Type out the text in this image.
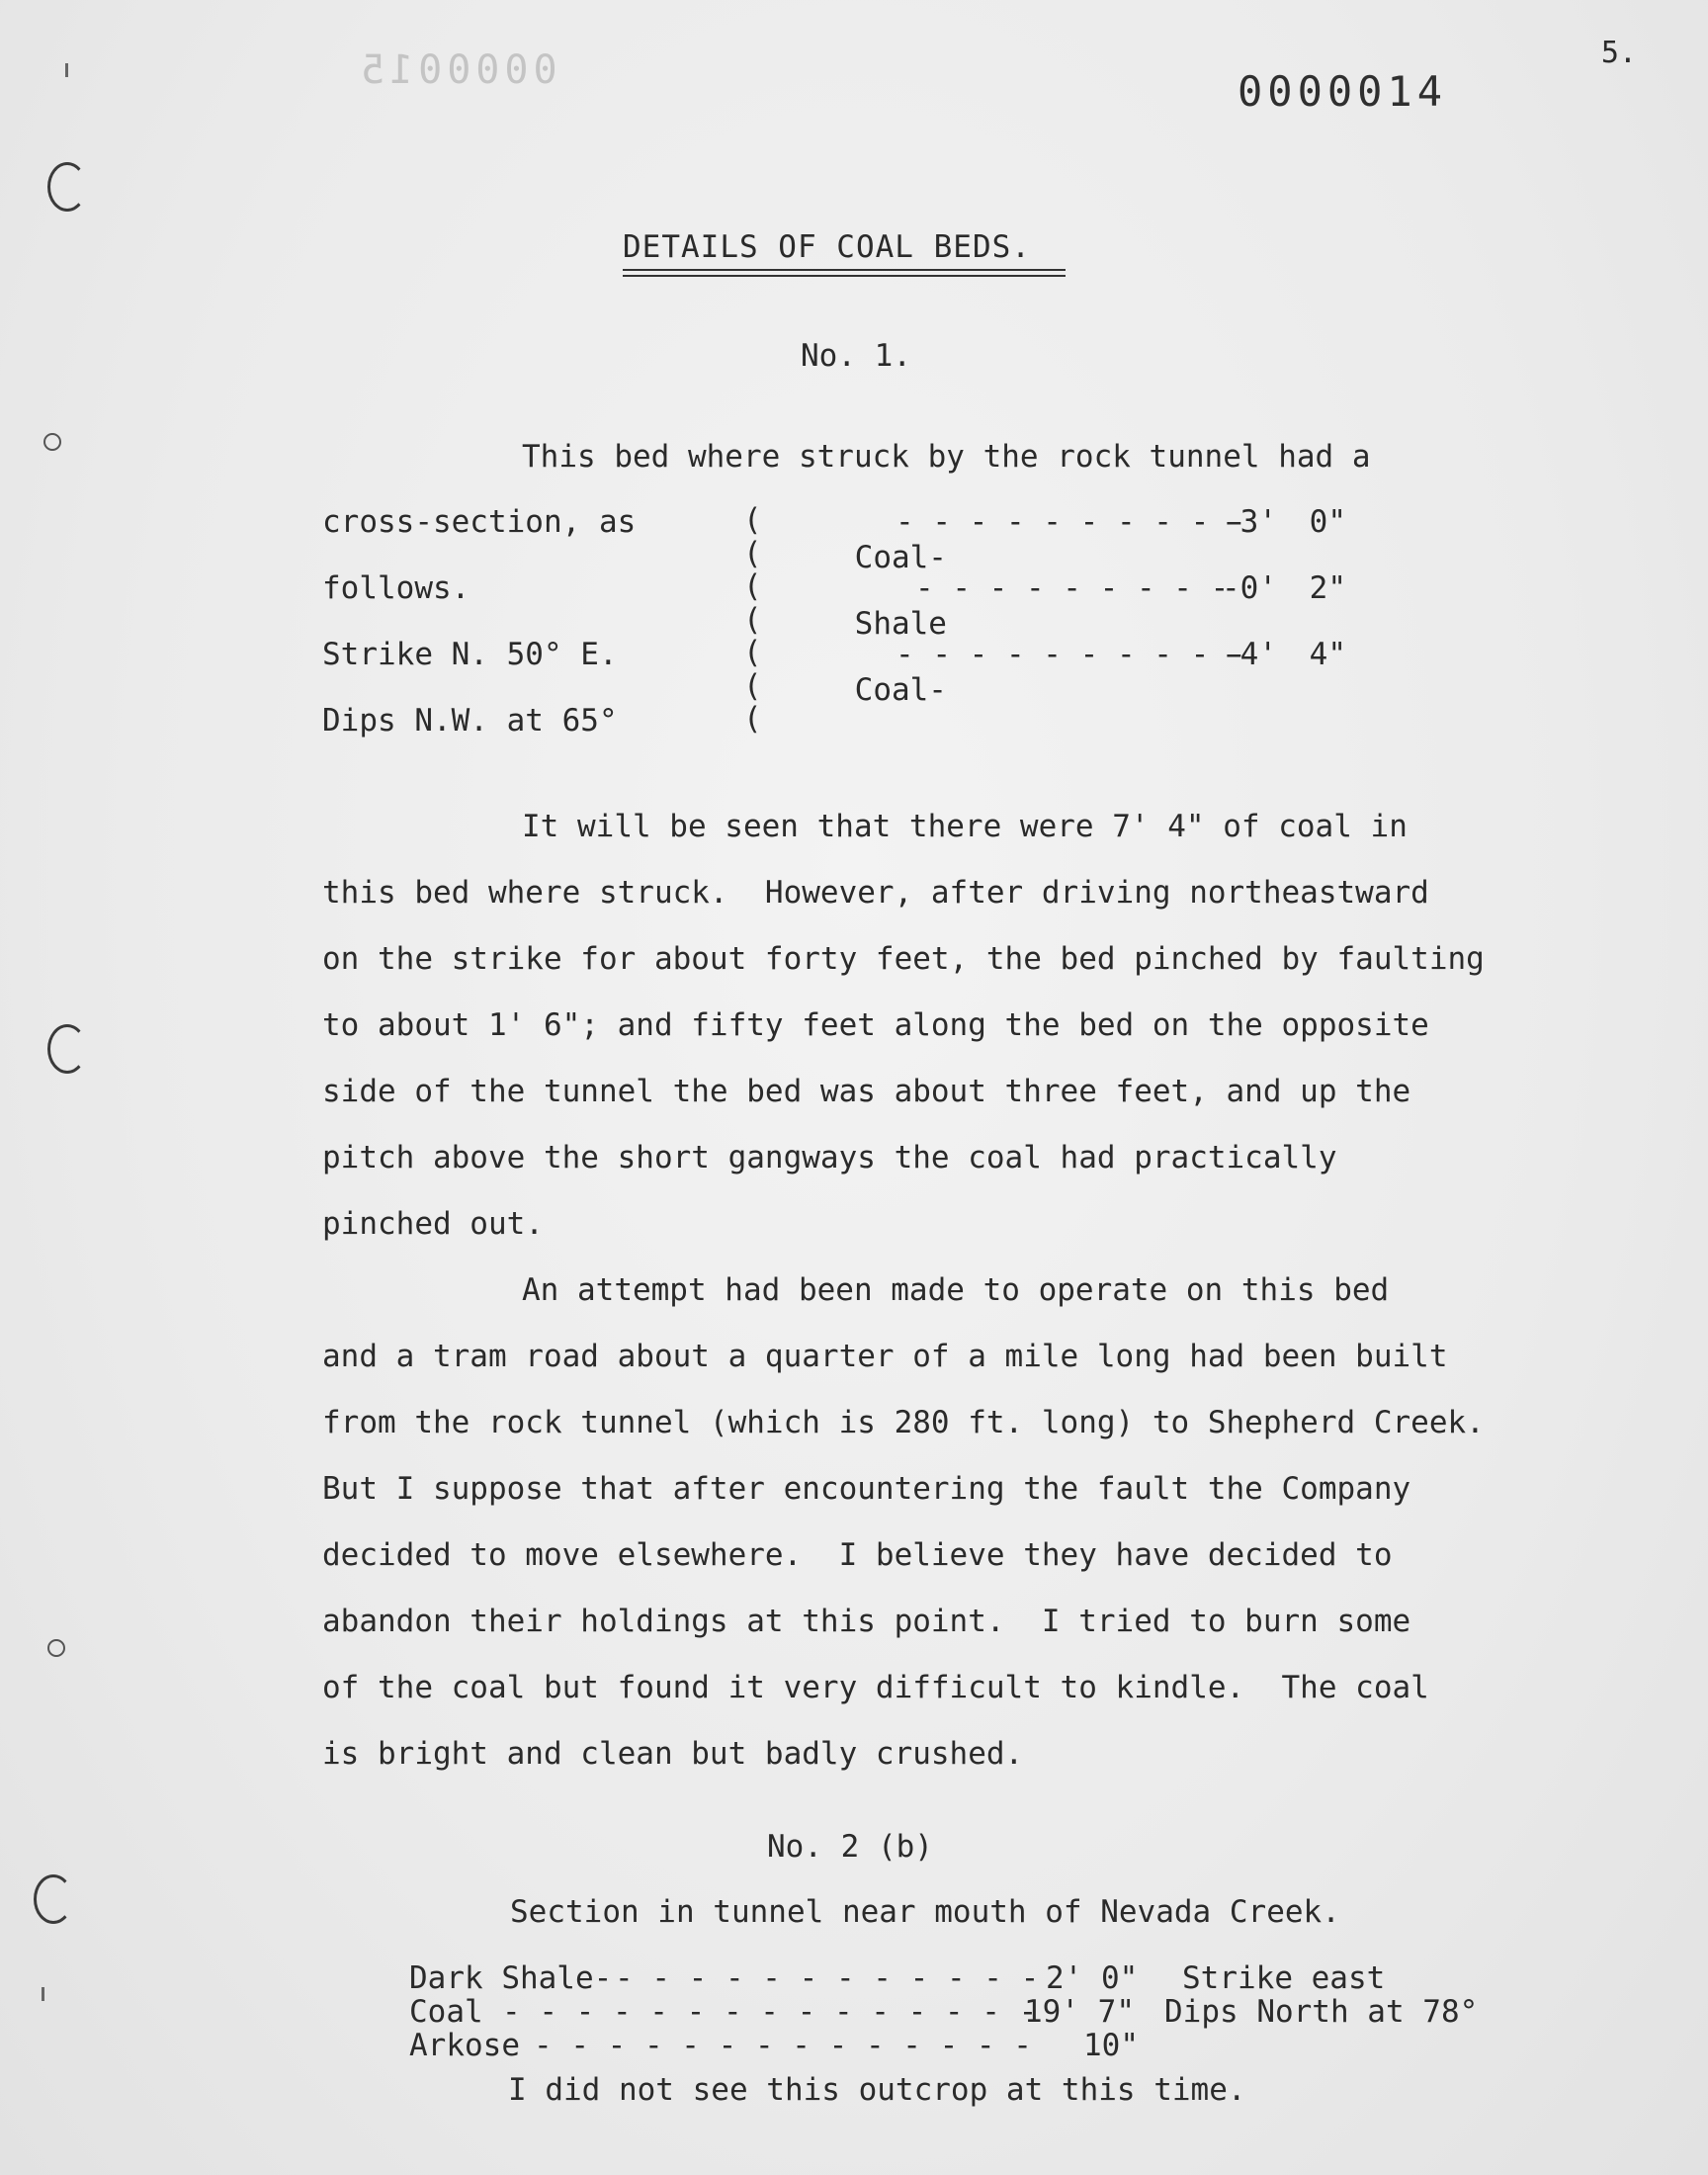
0000015	5.
0000014
DETAILS OF COAL BEDS.
No. 1.
This bed where struck by the rock tunnel had a
cross-section, as
follows.
Strike N. 50° E.
Dips N.W. at 65°
(
(
(
(
(
(
(

Coal-

- - - - - - - - - -
-3' 0"

Shale

- - - - - - - - -
-0' 2"

Coal-

- - - - - - - - - -
-4' 4"
It will be seen that there were 7' 4" of coal in
this bed where struck.  However, after driving northeastward
on the strike for about forty feet, the bed pinched by faulting
to about 1' 6"; and fifty feet along the bed on the opposite
side of the tunnel the bed was about three feet, and up the
pitch above the short gangways the coal had practically
pinched out.
An attempt had been made to operate on this bed
and a tram road about a quarter of a mile long had been built
from the rock tunnel (which is 280 ft. long) to Shepherd Creek.
But I suppose that after encountering the fault the Company
decided to move elsewhere.  I believe they have decided to
abandon their holdings at this point.  I tried to burn some
of the coal but found it very difficult to kindle.  The coal
is bright and clean but badly crushed.
No. 2 (b)
Section in tunnel near mouth of Nevada Creek.
Dark Shale- - - - - - - - - - - - - 2' 0" Strike east
Coal - - - - - - - - - - - - - - -
19' 7" Dips North at 78°
Arkose - - - - - - - - - - - - - - 10"
I did not see this outcrop at this time.
